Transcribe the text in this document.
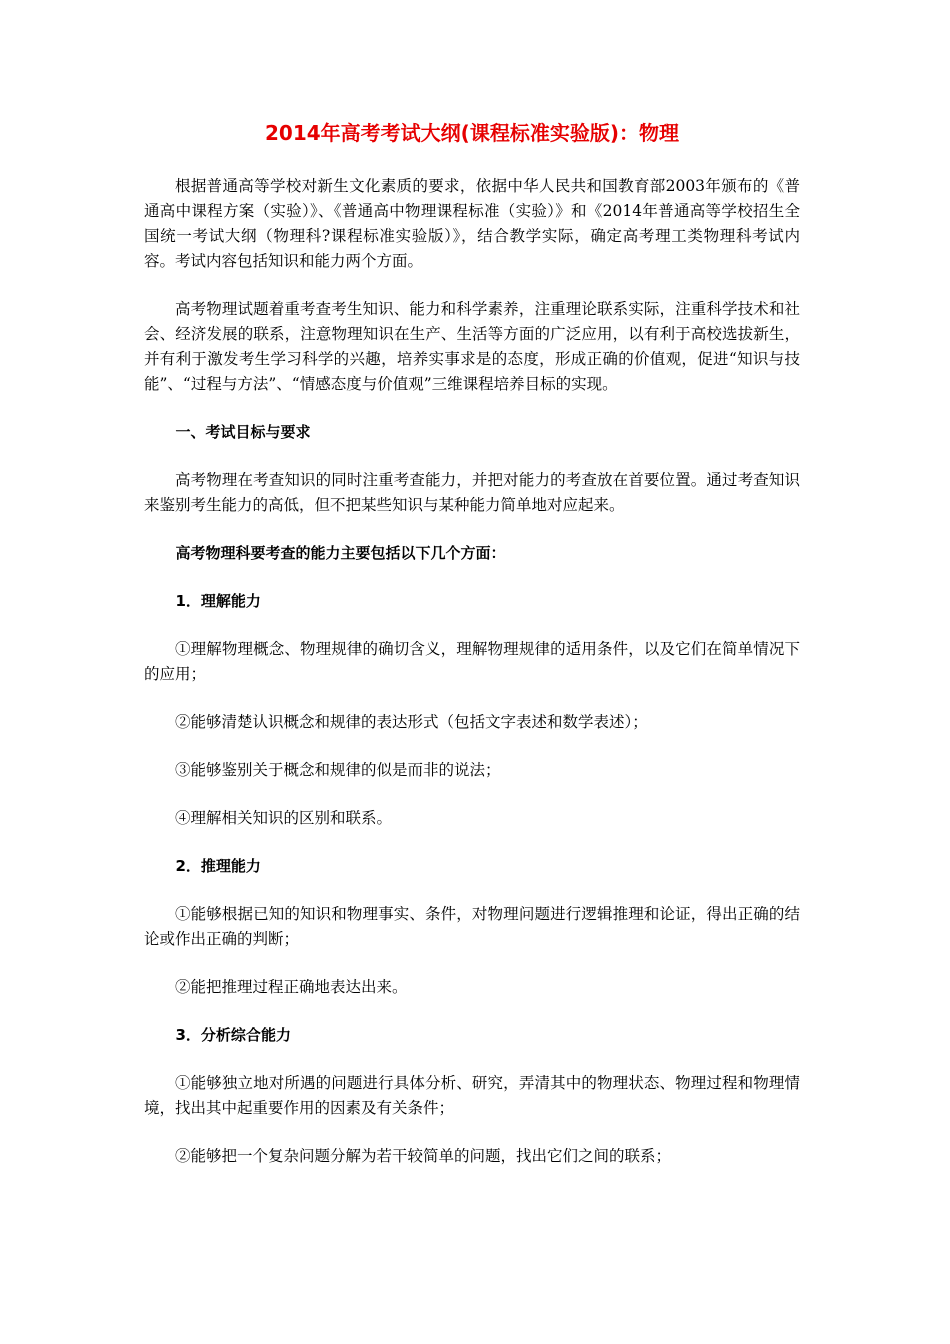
2014年高考考试大纲(课程标准实验版)：物理

根据普通高等学校对新生文化素质的要求，依据中华人民共和国教育部2003年颁布的《普通高中课程方案（实验）》、《普通高中物理课程标准（实验）》和《2014年普通高等学校招生全国统一考试大纲（物理科?课程标准实验版）》，结合教学实际，确定高考理工类物理科考试内容。考试内容包括知识和能力两个方面。

高考物理试题着重考查考生知识、能力和科学素养，注重理论联系实际，注重科学技术和社会、经济发展的联系，注意物理知识在生产、生活等方面的广泛应用，以有利于高校选拔新生，并有利于激发考生学习科学的兴趣，培养实事求是的态度，形成正确的价值观，促进“知识与技能”、“过程与方法”、“情感态度与价值观”三维课程培养目标的实现。

一、考试目标与要求

高考物理在考查知识的同时注重考查能力，并把对能力的考查放在首要位置。通过考查知识来鉴别考生能力的高低，但不把某些知识与某种能力简单地对应起来。

高考物理科要考查的能力主要包括以下几个方面：
1．理解能力

①理解物理概念、物理规律的确切含义，理解物理规律的适用条件，以及它们在简单情况下的应用；

②能够清楚认识概念和规律的表达形式（包括文字表述和数学表述）；

③能够鉴别关于概念和规律的似是而非的说法；

④理解相关知识的区别和联系。

2．推理能力

①能够根据已知的知识和物理事实、条件，对物理问题进行逻辑推理和论证，得出正确的结论或作出正确的判断；

②能把推理过程正确地表达出来。

3．分析综合能力

①能够独立地对所遇的问题进行具体分析、研究，弄清其中的物理状态、物理过程和物理情境，找出其中起重要作用的因素及有关条件；

②能够把一个复杂问题分解为若干较简单的问题，找出它们之间的联系；
